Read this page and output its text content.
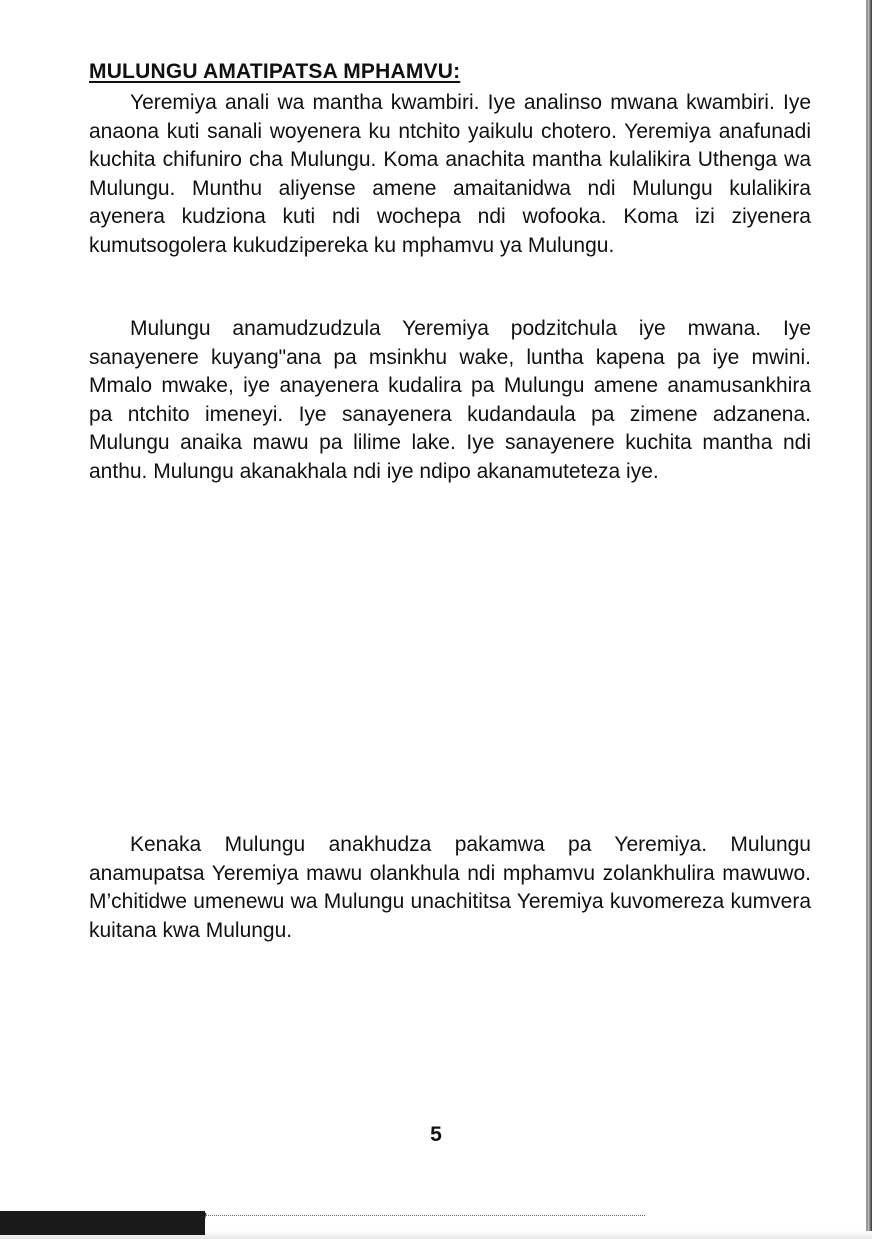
MULUNGU AMATIPATSA MPHAMVU:

Yeremiya anali wa mantha kwambiri. Iye analinso mwana kwambiri. Iye anaona kuti sanali woyenera ku ntchito yaikulu chotero. Yeremiya anafunadi kuchita chifuniro cha Mulungu. Koma anachita mantha kulalikira Uthenga wa Mulungu. Munthu aliyense amene amaitanidwa ndi Mulungu kulalikira ayenera kudziona kuti ndi wochepa ndi wofooka. Koma izi ziyenera kumutsogolera kukudzipereka ku mphamvu ya Mulungu.

Mulungu anamudzudzula Yeremiya podzitchula iye mwana. Iye sanayenere kuyang"ana pa msinkhu wake, luntha kapena pa iye mwini. Mmalo mwake, iye anayenera kudalira pa Mulungu amene anamusankhira pa ntchito imeneyi. Iye sanayenera kudandaula pa zimene adzanena. Mulungu anaika mawu pa lilime lake. Iye sanayenere kuchita mantha ndi anthu. Mulungu akanakhala ndi iye ndipo akanamuteteza iye.

Kenaka Mulungu anakhudza pakamwa pa Yeremiya. Mulungu anamupatsa Yeremiya mawu olankhula ndi mphamvu zolankhulira mawuwo. M’chitidwe umenewu wa Mulungu unachititsa Yeremiya kuvomereza kumvera kuitana kwa Mulungu.

5
